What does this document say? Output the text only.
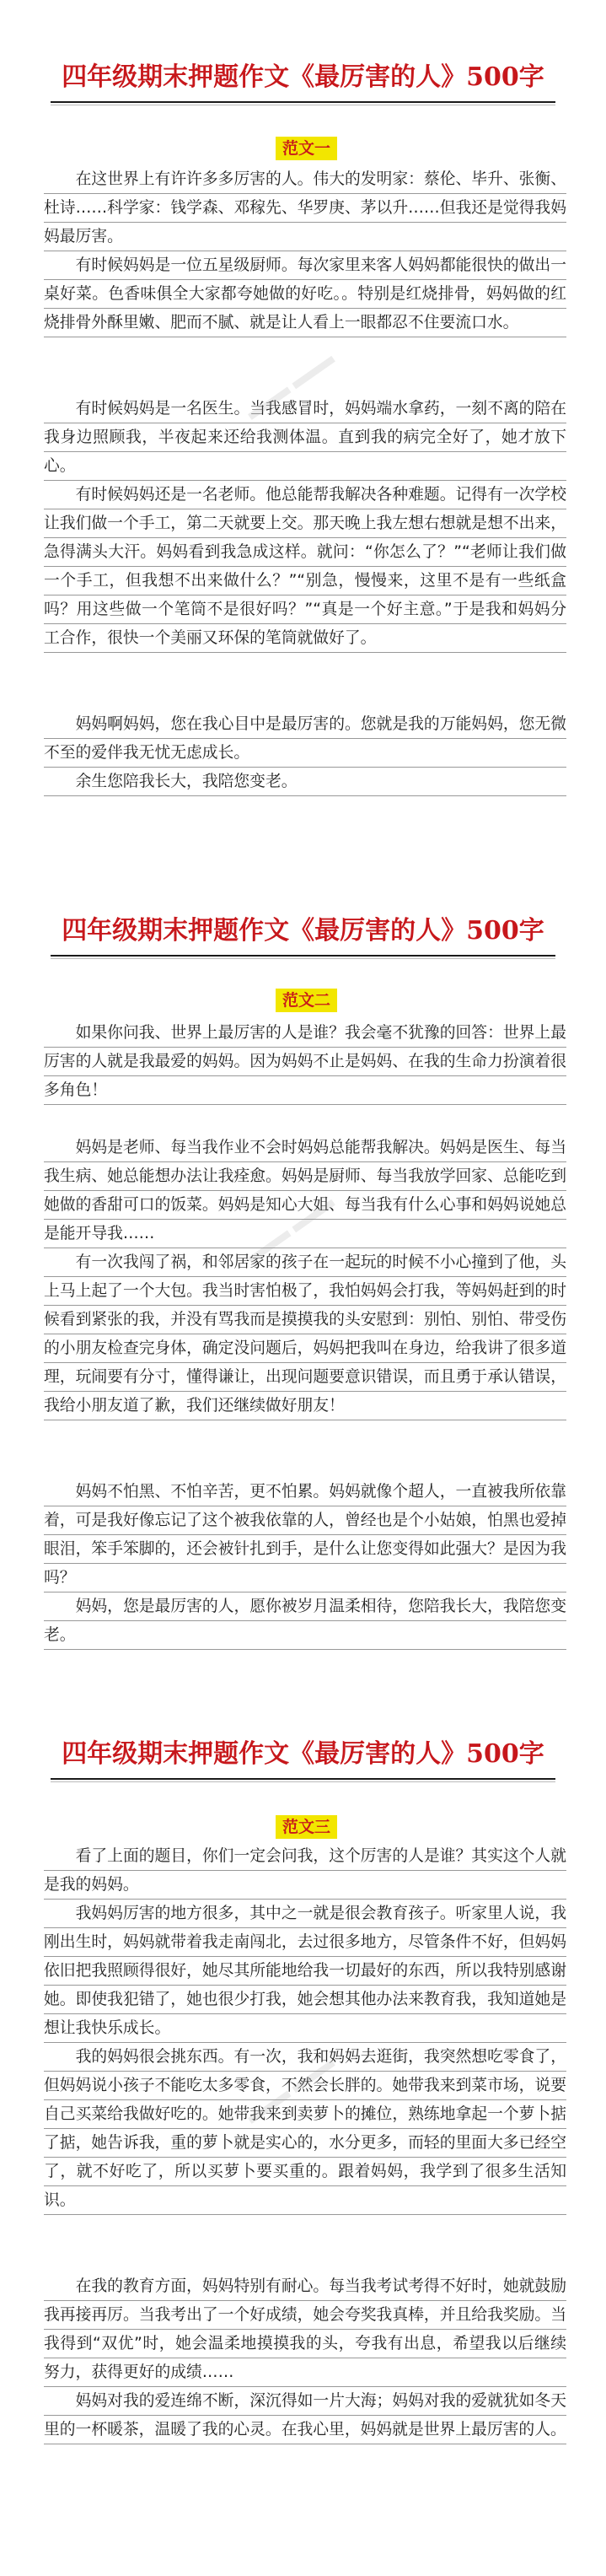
四年级期末押题作文《最厉害的人》500字
范文一
在这世界上有许许多多厉害的人。伟大的发明家：蔡伦、毕升、张衡、杜诗……科学家：钱学森、邓稼先、华罗庚、茅以升……但我还是觉得我妈妈最厉害。
有时候妈妈是一位五星级厨师。每次家里来客人妈妈都能很快的做出一桌好菜。色香味俱全大家都夸她做的好吃。。特别是红烧排骨，妈妈做的红烧排骨外酥里嫩、肥而不腻、就是让人看上一眼都忍不住要流口水。
有时候妈妈是一名医生。当我感冒时，妈妈端水拿药，一刻不离的陪在我身边照顾我，半夜起来还给我测体温。直到我的病完全好了，她才放下心。
有时候妈妈还是一名老师。他总能帮我解决各种难题。记得有一次学校让我们做一个手工，第二天就要上交。那天晚上我左想右想就是想不出来，急得满头大汗。妈妈看到我急成这样。就问：“你怎么了？”“老师让我们做一个手工，但我想不出来做什么？”“别急，慢慢来，这里不是有一些纸盒吗？用这些做一个笔筒不是很好吗？”“真是一个好主意。”于是我和妈妈分工合作，很快一个美丽又环保的笔筒就做好了。
妈妈啊妈妈，您在我心目中是最厉害的。您就是我的万能妈妈，您无微不至的爱伴我无忧无虑成长。
余生您陪我长大，我陪您变老。
四年级期末押题作文《最厉害的人》500字
范文二
如果你问我、世界上最厉害的人是谁？我会毫不犹豫的回答：世界上最厉害的人就是我最爱的妈妈。因为妈妈不止是妈妈、在我的生命力扮演着很多角色！
妈妈是老师、每当我作业不会时妈妈总能帮我解决。妈妈是医生、每当我生病、她总能想办法让我痊愈。妈妈是厨师、每当我放学回家、总能吃到她做的香甜可口的饭菜。妈妈是知心大姐、每当我有什么心事和妈妈说她总是能开导我……
有一次我闯了祸，和邻居家的孩子在一起玩的时候不小心撞到了他，头上马上起了一个大包。我当时害怕极了，我怕妈妈会打我，等妈妈赶到的时候看到紧张的我，并没有骂我而是摸摸我的头安慰到：别怕、别怕、带受伤的小朋友检查完身体，确定没问题后，妈妈把我叫在身边，给我讲了很多道理，玩闹要有分寸，懂得谦让，出现问题要意识错误，而且勇于承认错误，我给小朋友道了歉，我们还继续做好朋友！
妈妈不怕黑、不怕辛苦，更不怕累。妈妈就像个超人，一直被我所依靠着，可是我好像忘记了这个被我依靠的人，曾经也是个小姑娘，怕黑也爱掉眼泪，笨手笨脚的，还会被针扎到手，是什么让您变得如此强大？是因为我吗？
妈妈，您是最厉害的人，愿你被岁月温柔相待，您陪我长大，我陪您变老。
四年级期末押题作文《最厉害的人》500字
范文三
看了上面的题目，你们一定会问我，这个厉害的人是谁？其实这个人就是我的妈妈。
我妈妈厉害的地方很多，其中之一就是很会教育孩子。听家里人说，我刚出生时，妈妈就带着我走南闯北，去过很多地方，尽管条件不好，但妈妈依旧把我照顾得很好，她尽其所能地给我一切最好的东西，所以我特别感谢她。即使我犯错了，她也很少打我，她会想其他办法来教育我，我知道她是想让我快乐成长。
我的妈妈很会挑东西。有一次，我和妈妈去逛街，我突然想吃零食了，但妈妈说小孩子不能吃太多零食，不然会长胖的。她带我来到菜市场，说要自己买菜给我做好吃的。她带我来到卖萝卜的摊位，熟练地拿起一个萝卜掂了掂，她告诉我，重的萝卜就是实心的，水分更多，而轻的里面大多已经空了，就不好吃了，所以买萝卜要买重的。跟着妈妈，我学到了很多生活知识。
在我的教育方面，妈妈特别有耐心。每当我考试考得不好时，她就鼓励我再接再厉。当我考出了一个好成绩，她会夸奖我真棒，并且给我奖励。当我得到“双优”时，她会温柔地摸摸我的头，夸我有出息，希望我以后继续努力，获得更好的成绩……
妈妈对我的爱连绵不断，深沉得如一片大海；妈妈对我的爱就犹如冬天里的一杯暖茶，温暖了我的心灵。在我心里，妈妈就是世界上最厉害的人。
——
